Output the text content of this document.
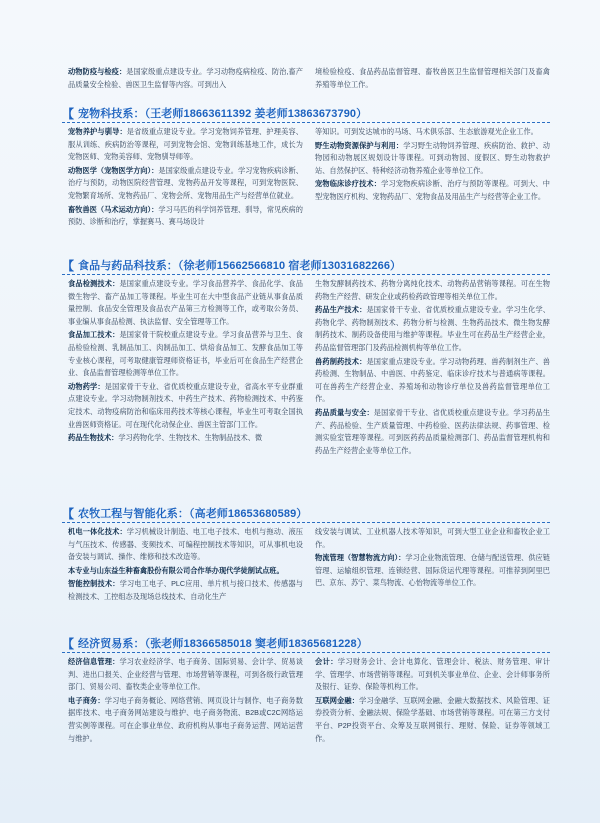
动物防疫与检疫：是国家级重点建设专业。学习动物疫病检疫、防治,畜产品质量安全检验、兽医卫生监督等内容。可到出入

境检验检疫、食品药品监督管理、畜牧兽医卫生监督管理相关部门及畜禽养殖等单位工作。

【 宠物科技系：（王老师18663611392 姜老师13863673790）

宠物养护与驯导：是省级重点建设专业。学习宠物饲养管理、护理美容、服从训练、疾病防治等课程，可到宠物会馆、宠物训练基地工作，成长为宠物医师、宠物美容师、宠物驯导师等。

动物医学（宠物医学方向）：是国家级重点建设专业。学习宠物疾病诊断、治疗与预防，动物医院经营管理、宠物药品开发等课程，可到宠物医院、宠物繁育场所、宠物药品厂、宠物会所、宠物用品生产与经营单位就业。

畜牧兽医（马术运动方向）：学习马匹的科学饲养管理、驯导，常见疾病的预防、诊断和治疗，掌握赛马、赛马场设计

等知识。可到发达城市的马场、马术俱乐部、生态旅游观光企业工作。

野生动物资源保护与利用：学习野生动物饲养管理、疾病防治、救护、动物园和动物展区规划设计等课程。可到动物园、度假区、野生动物救护站、自然保护区、特种经济动物养殖企业等单位工作。

宠物临床诊疗技术：学习宠物疾病诊断、治疗与预防等课程。可到大、中型宠物医疗机构、宠物药品厂、宠物食品及用品生产与经营等企业工作。

【 食品与药品科技系：（徐老师15662566810 宿老师13031682266）

食品检测技术：是国家重点建设专业。学习食品营养学、食品化学、食品微生物学、畜产品加工等课程。毕业生可在大中型食品产业链从事食品质量控制、食品安全管理及食品农产品第三方检测等工作，或考取公务员、事业编从事食品检测、执法监督、安全管理等工作。

食品加工技术：是国家骨干院校重点建设专业。学习食品营养与卫生、食品检验检测、乳制品加工、肉制品加工、烘焙食品加工、发酵食品加工等专业核心课程，可考取健康管理师资格证书，毕业后可在食品生产经营企业、食品监督管理检测等单位工作。

动物药学：是国家骨干专业、省优质校重点建设专业，省高水平专业群重点建设专业。学习动物制剂技术、中药生产技术、药物检测技术、中药鉴定技术、动物疫病防治和临床用药技术等核心课程，毕业生可考取全国执业兽医师资格证。可在现代化动保企业、兽医主管部门工作。

药品生物技术：学习药物化学、生物技术、生物制品技术、微

生物发酵制药技术、药物分离纯化技术、动物药品营销等课程。可在生物药物生产经营、研发企业或药检药政管理等相关单位工作。

药品生产技术：是国家骨干专业、省优质校重点建设专业。学习生化学、药物化学、药物制剂技术、药物分析与检测、生物药品技术、微生物发酵制药技术、制药设备使用与维护等课程。毕业生可在药品生产经营企业，药品监督管理部门及药品检测机构等单位工作。

兽药制药技术：是国家重点建设专业。学习动物药理、兽药制剂生产、兽药检测、生物制品、中兽医、中药鉴定、临床诊疗技术与普通病等课程。可在兽药生产经营企业、养殖场和动物诊疗单位及兽药监督管理单位工作。

药品质量与安全：是国家骨干专业、省优质校重点建设专业。学习药品生产、药品检验、生产质量管理、中药检验、医药法律法规、药事管理、检测实验室管理等课程。可到医药药品质量检测部门、药品监督管理机构和药品生产经营企业等单位工作。

【 农牧工程与智能化系：（高老师18653680589）

机电一体化技术：学习机械设计制造、电工电子技术、电机与拖动、液压与气压技术、传感器、变频技术、可编程控制技术等知识，可从事机电设备安装与调试、操作、维修和技术改造等。

本专业与山东益生种畜禽股份有限公司合作举办现代学徒制试点班。

智能控制技术：学习电工电子、PLC应用、单片机与接口技术、传感器与检测技术、工控组态及现场总线技术、自动化生产

线安装与调试、工业机器人技术等知识，可到大型工业企业和畜牧企业工作。

物流管理（智慧物流方向）：学习企业物流管理、仓储与配送管理、供应链管理、运输组织管理、连锁经营、国际货运代理等课程。可推荐到阿里巴巴、京东、苏宁、菜鸟物流、心怡物流等单位工作。

【 经济贸易系：（张老师18366585018 窦老师18365681228）

经济信息管理：学习农业经济学、电子商务、国际贸易、会计学、贸易谈判、进出口报关、企业经营与管理、市场营销等课程，可到各级行政管理部门、贸易公司、畜牧类企业等单位工作。

电子商务：学习电子商务概论、网络营销、网页设计与制作、电子商务数据库技术、电子商务网站建设与维护、电子商务物流、B2B或C2C网络运营实例等课程。可在企事业单位、政府机构从事电子商务运营、网站运营与维护。

会计：学习财务会计、会计电算化、管理会计、税法、财务管理、审计学、管理学、市场营销等课程。可到机关事业单位、企业、会计师事务所及银行、证券、保险等机构工作。

互联网金融：学习金融学、互联网金融、金融大数据技术、风险管理、证券投资分析、金融法规、保险学基础、市场营销等课程。可在第三方支付平台、P2P投资平台、众筹及互联网银行、理财、保险、证券等领域工作。
